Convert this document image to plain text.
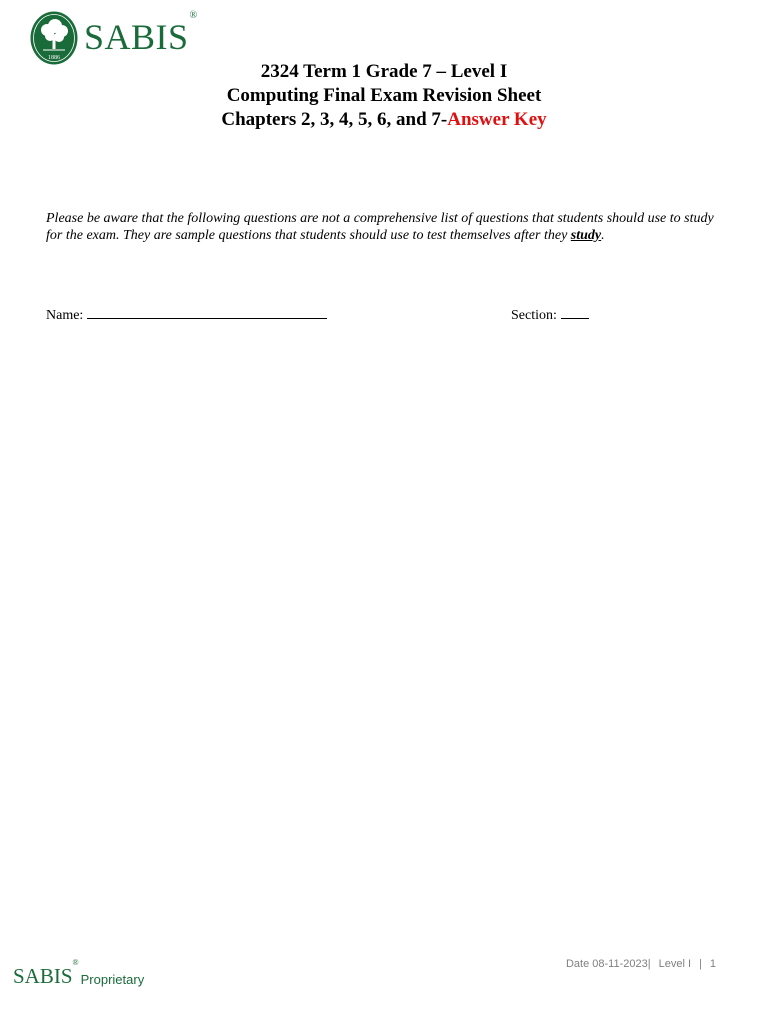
1886
SABIS®
2324 Term 1 Grade 7 – Level I
Computing Final Exam Revision Sheet
Chapters 2, 3, 4, 5, 6, and 7-Answer Key

Please be aware that the following questions are not a comprehensive list of questions that students should use to study for the exam. They are sample questions that students should use to test themselves after they study.

Name:	Section:
Date 08-11-2023| Level I | 1
SABIS®
Proprietary
